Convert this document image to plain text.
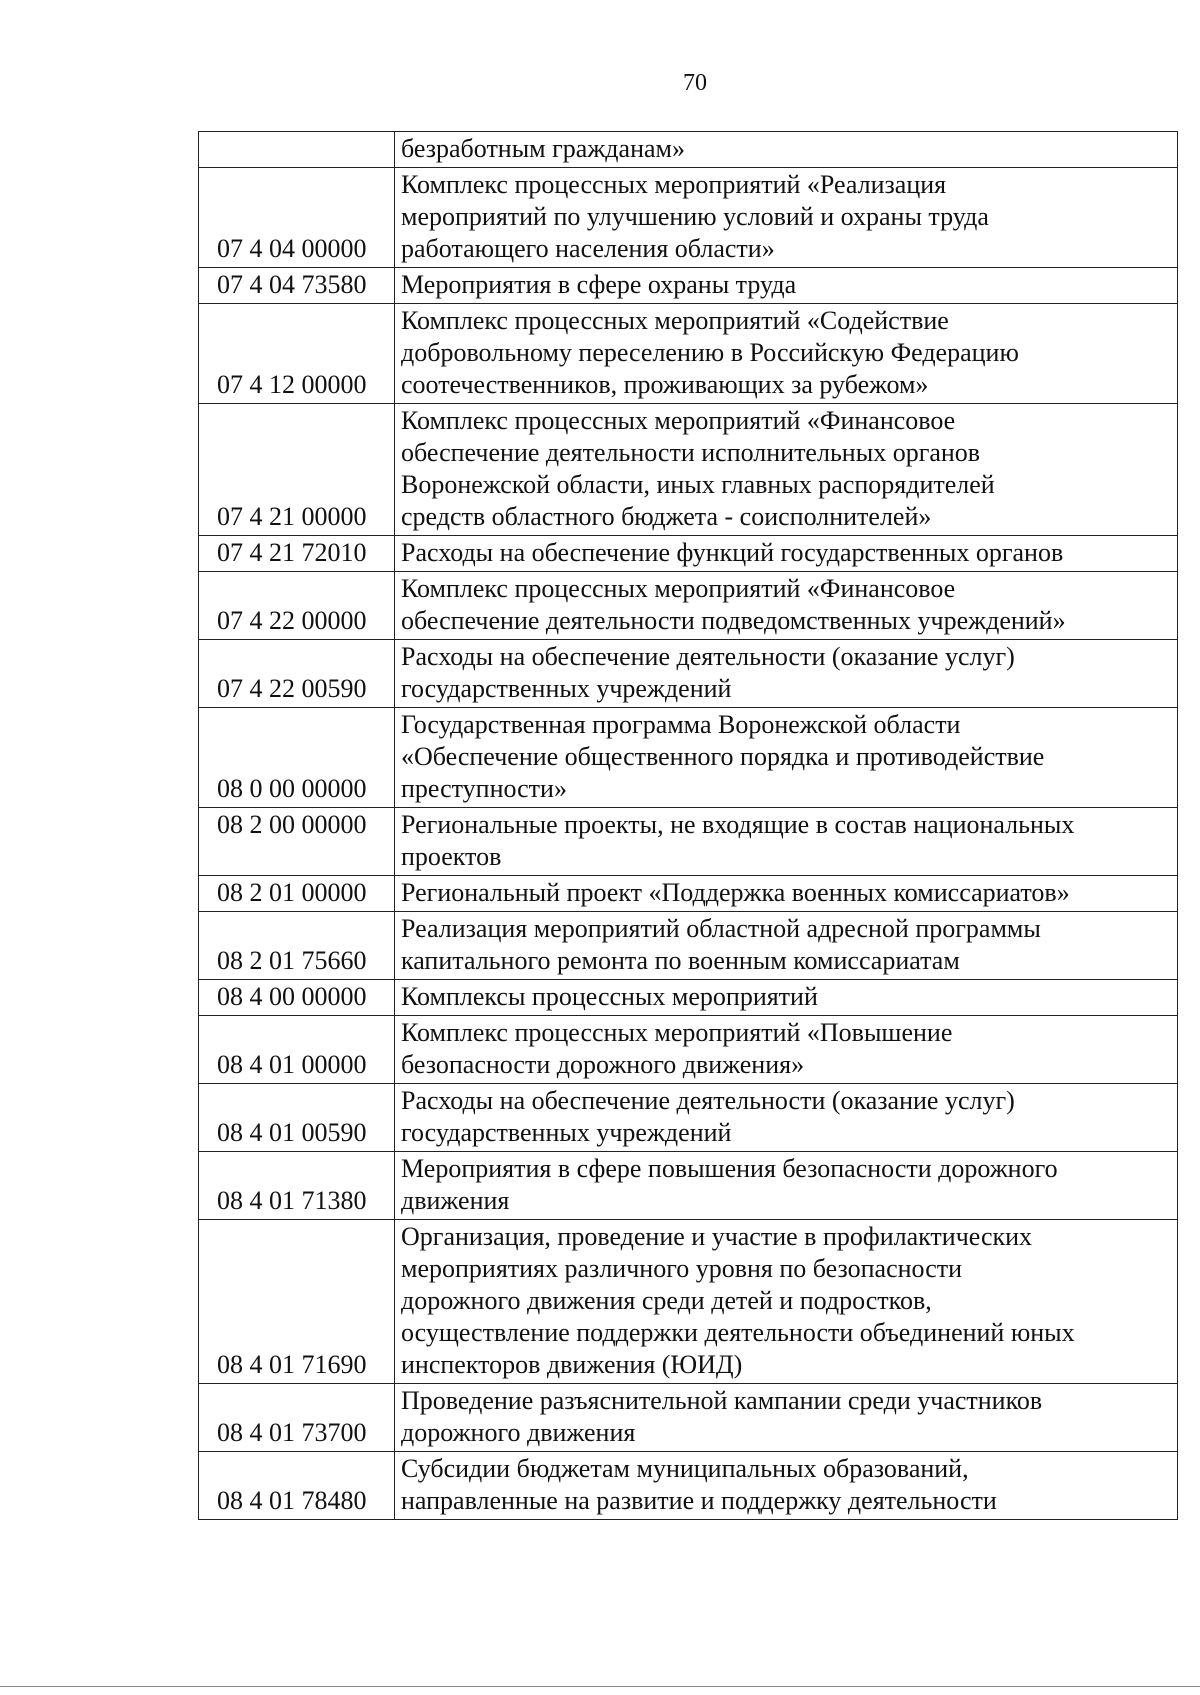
70

	безработным гражданам»

07 4 04 00000	Комплекс процессных мероприятий «Реализация
мероприятий по улучшению условий и охраны труда
работающего населения области»

07 4 04 73580	Мероприятия в сфере охраны труда

07 4 12 00000	Комплекс процессных мероприятий «Содействие
добровольному переселению в Российскую Федерацию
соотечественников, проживающих за рубежом»

07 4 21 00000	Комплекс процессных мероприятий «Финансовое
обеспечение деятельности исполнительных органов
Воронежской области, иных главных распорядителей
средств областного бюджета - соисполнителей»

07 4 21 72010	Расходы на обеспечение функций государственных органов

07 4 22 00000	Комплекс процессных мероприятий «Финансовое
обеспечение деятельности подведомственных учреждений»

07 4 22 00590	Расходы на обеспечение деятельности (оказание услуг)
государственных учреждений

08 0 00 00000	Государственная программа Воронежской области
«Обеспечение общественного порядка и противодействие
преступности»

08 2 00 00000	Региональные проекты, не входящие в состав национальных
проектов

08 2 01 00000	Региональный проект «Поддержка военных комиссариатов»

08 2 01 75660	Реализация мероприятий областной адресной программы
капитального ремонта по военным комиссариатам

08 4 00 00000	Комплексы процессных мероприятий

08 4 01 00000	Комплекс процессных мероприятий «Повышение
безопасности дорожного движения»

08 4 01 00590	Расходы на обеспечение деятельности (оказание услуг)
государственных учреждений

08 4 01 71380	Мероприятия в сфере повышения безопасности дорожного
движения

08 4 01 71690	Организация, проведение и участие в профилактических
мероприятиях различного уровня по безопасности
дорожного движения среди детей и подростков,
осуществление поддержки деятельности объединений юных
инспекторов движения (ЮИД)

08 4 01 73700	Проведение разъяснительной кампании среди участников
дорожного движения

08 4 01 78480	Субсидии бюджетам муниципальных образований,
направленные на развитие и поддержку деятельности
